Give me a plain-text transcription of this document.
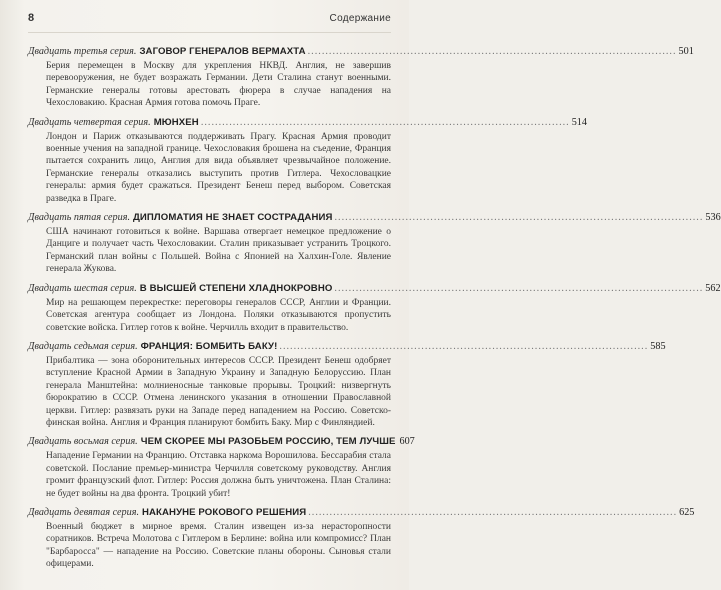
8	Содержание
Двадцать третья серия. ЗАГОВОР ГЕНЕРАЛОВ ВЕРМАХТА .....	501

Берия перемещен в Москву для укрепления НКВД. Англия, не завершив перевооружения, не будет возражать Германии. Дети Сталина станут военными. Германские генералы готовы арестовать фюрера в случае нападения на Чехословакию. Красная Армия готова помочь Праге.

Двадцать четвертая серия. МЮНХЕН .....	514

Лондон и Париж отказываются поддерживать Прагу. Красная Армия проводит военные учения на западной границе. Чехословакия брошена на съедение, Франция пытается сохранить лицо, Англия для вида объявляет чрезвычайное положение. Германские генералы отказались выступить против Гитлера. Чехословацкие генералы: армия будет сражаться. Президент Бенеш перед выбором. Советская разведка в Праге.

Двадцать пятая серия. ДИПЛОМАТИЯ НЕ ЗНАЕТ СОСТРАДАНИЯ .....	536

США начинают готовиться к войне. Варшава отвергает немецкое предложение о Данциге и получает часть Чехословакии. Сталин приказывает устранить Троцкого. Германский план войны с Польшей. Война с Японией на Халхин-Голе. Явление генерала Жукова.

Двадцать шестая серия. В ВЫСШЕЙ СТЕПЕНИ ХЛАДНОКРОВНО .....	562

Мир на решающем перекрестке: переговоры генералов СССР, Англии и Франции. Советская агентура сообщает из Лондона. Поляки отказываются пропустить советские войска. Гитлер готов к войне. Черчилль входит в правительство.

Двадцать седьмая серия. ФРАНЦИЯ: БОМБИТЬ БАКУ! .....	585

Прибалтика — зона оборонительных интересов СССР. Президент Бенеш одобряет вступление Красной Армии в Западную Украину и Западную Белоруссию. План генерала Манштейна: молниеносные танковые прорывы. Троцкий: низвергнуть бюрократию в СССР. Отмена ленинского указания в отношении Православной церкви. Гитлер: развязать руки на Западе перед нападением на Россию. Советско-финская война. Англия и Франция планируют бомбить Баку. Мир с Финляндией.

Двадцать восьмая серия. ЧЕМ СКОРЕЕ МЫ РАЗОБЬЕМ РОССИЮ, ТЕМ ЛУЧШЕ 607

Нападение Германии на Францию. Отставка наркома Ворошилова. Бессарабия стала советской. Послание премьер-министра Черчилля советскому руководству. Англия громит французский флот. Гитлер: Россия должна быть уничтожена. План Сталина: не будет войны на два фронта. Троцкий убит!

Двадцать девятая серия. НАКАНУНЕ РОКОВОГО РЕШЕНИЯ .....	625

Военный бюджет в мирное время. Сталин извещен из-за нерасторопности соратников. Встреча Молотова с Гитлером в Берлине: война или компромисс? План "Барбаросса" — нападение на Россию. Советские планы обороны. Сыновья стали офицерами.
